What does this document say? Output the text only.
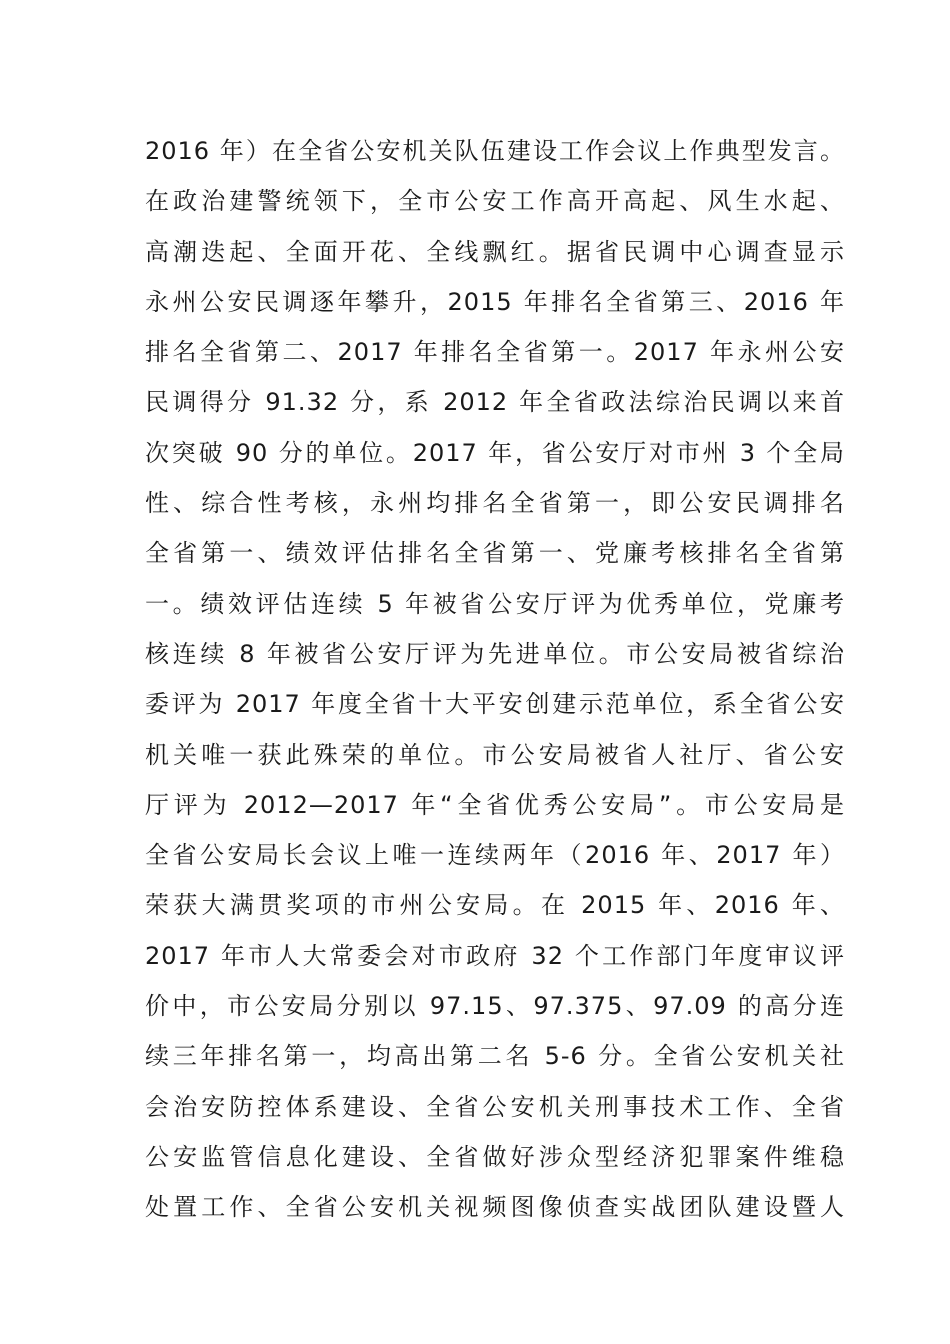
2016 年）在全省公安机关队伍建设工作会议上作典型发言。
在政治建警统领下，全市公安工作高开高起、风生水起、
高潮迭起、全面开花、全线飘红。据省民调中心调查显示
永州公安民调逐年攀升，2015 年排名全省第三、2016 年
排名全省第二、2017 年排名全省第一。2017 年永州公安
民调得分 91.32 分，系 2012 年全省政法综治民调以来首
次突破 90 分的单位。2017 年，省公安厅对市州 3 个全局
性、综合性考核，永州均排名全省第一，即公安民调排名
全省第一、绩效评估排名全省第一、党廉考核排名全省第
一。绩效评估连续 5 年被省公安厅评为优秀单位，党廉考
核连续 8 年被省公安厅评为先进单位。市公安局被省综治
委评为 2017 年度全省十大平安创建示范单位，系全省公安
机关唯一获此殊荣的单位。市公安局被省人社厅、省公安
厅评为 2012—2017 年“全省优秀公安局”。市公安局是
全省公安局长会议上唯一连续两年（2016 年、2017 年）
荣获大满贯奖项的市州公安局。在 2015 年、2016 年、
2017 年市人大常委会对市政府 32 个工作部门年度审议评
价中，市公安局分别以 97.15、97.375、97.09 的高分连
续三年排名第一，均高出第二名 5-6 分。全省公安机关社
会治安防控体系建设、全省公安机关刑事技术工作、全省
公安监管信息化建设、全省做好涉众型经济犯罪案件维稳
处置工作、全省公安机关视频图像侦查实战团队建设暨人
